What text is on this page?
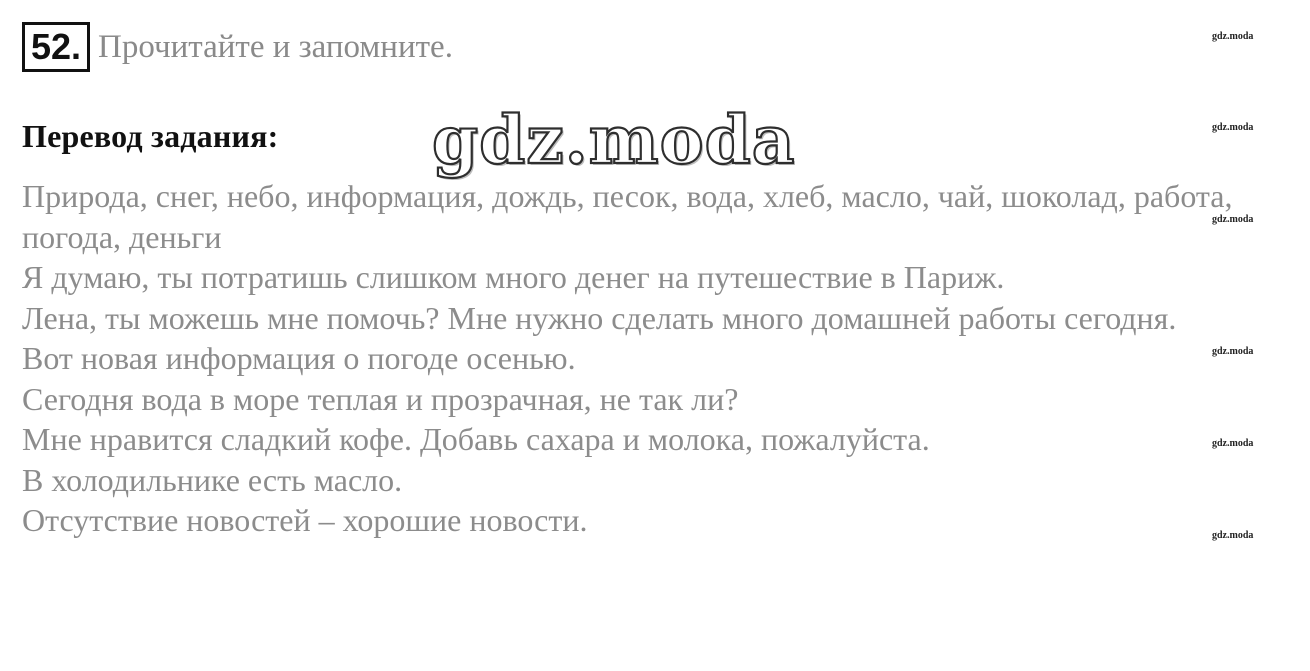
52. Прочитайте и запомните.
Перевод задания: gdz.moda

Природа, снег, небо, информация, дождь, песок, вода, хлеб, масло, чай, шоколад, работа, погода, деньги

Я думаю, ты потратишь слишком много денег на путешествие в Париж.

Лена, ты можешь мне помочь? Мне нужно сделать много домашней работы сегодня.

Вот новая информация о погоде осенью.

Сегодня вода в море теплая и прозрачная, не так ли?

Мне нравится сладкий кофе. Добавь сахара и молока, пожалуйста.

В холодильнике есть масло.

Отсутствие новостей – хорошие новости.

gdz.moda
gdz.moda
gdz.moda
gdz.moda
gdz.moda
gdz.moda
